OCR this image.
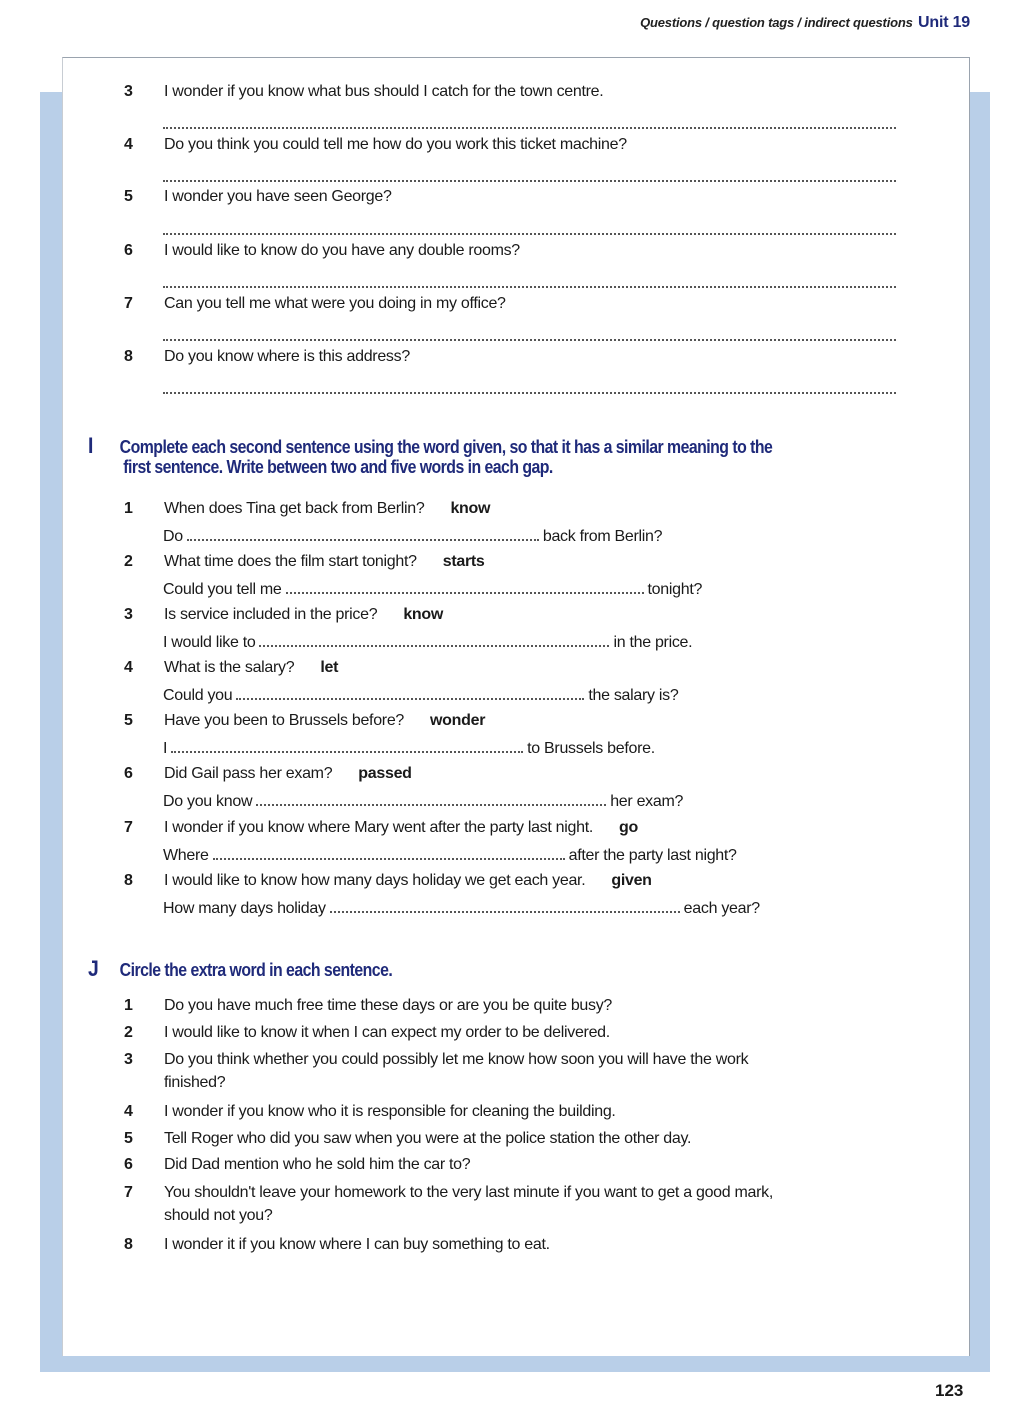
Questions / question tags / indirect questions Unit 19
3	I wonder if you know what bus should I catch for the town centre.
4	Do you think you could tell me how do you work this ticket machine?
5	I wonder you have seen George?
6	I would like to know do you have any double rooms?
7	Can you tell me what were you doing in my office?
8	Do you know where is this address?
I Complete each second sentence using the word given, so that it has a similar meaning to the
first sentence. Write between two and five words in each gap.
1	When does Tina get back from Berlin? know
Do	back from Berlin?
2	What time does the film start tonight? starts
Could you tell me	tonight?
3	Is service included in the price? know
I would like to	in the price.
4	What is the salary? let
Could you	the salary is?
5	Have you been to Brussels before? wonder
I	to Brussels before.
6	Did Gail pass her exam? passed
Do you know	her exam?
7	I wonder if you know where Mary went after the party last night. go
Where	after the party last night?
8	I would like to know how many days holiday we get each year. given
How many days holiday	each year?
J Circle the extra word in each sentence.
1	Do you have much free time these days or are you be quite busy?
2	I would like to know it when I can expect my order to be delivered.
3	Do you think whether you could possibly let me know how soon you will have the work
finished?
4	I wonder if you know who it is responsible for cleaning the building.
5	Tell Roger who did you saw when you were at the police station the other day.
6	Did Dad mention who he sold him the car to?
7	You shouldn't leave your homework to the very last minute if you want to get a good mark,
should not you?
8	I wonder it if you know where I can buy something to eat.
123
